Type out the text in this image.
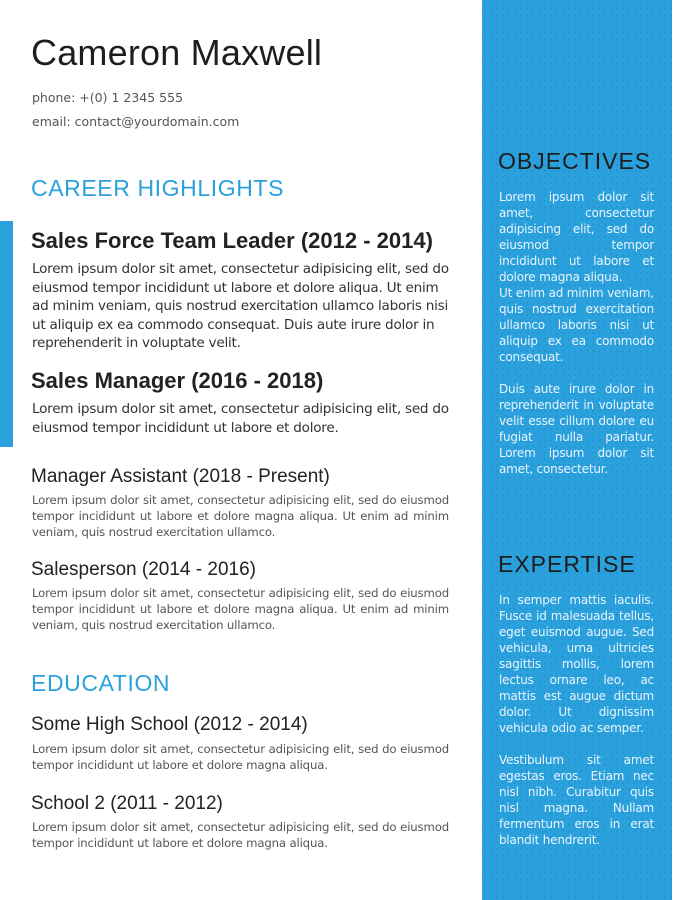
Cameron Maxwell
phone: +(0) 1 2345 555
email: contact@yourdomain.com
CAREER HIGHLIGHTS
Sales Force Team Leader (2012 - 2014)

Lorem ipsum dolor sit amet, consectetur adipisicing elit, sed do eiusmod tempor incididunt ut labore et dolore aliqua. Ut enim ad minim veniam, quis nostrud exercitation ullamco laboris nisi ut aliquip ex ea commodo consequat. Duis aute irure dolor in reprehenderit in voluptate velit.

Sales Manager (2016 - 2018)

Lorem ipsum dolor sit amet, consectetur adipisicing elit, sed do eiusmod tempor incididunt ut labore et dolore.

Manager Assistant (2018 - Present)

Lorem ipsum dolor sit amet, consectetur adipisicing elit, sed do eiusmod tempor incididunt ut labore et dolore magna aliqua. Ut enim ad minim veniam, quis nostrud exercitation ullamco.

Salesperson (2014 - 2016)

Lorem ipsum dolor sit amet, consectetur adipisicing elit, sed do eiusmod tempor incididunt ut labore et dolore magna aliqua. Ut enim ad minim veniam, quis nostrud exercitation ullamco.

EDUCATION
Some High School (2012 - 2014)

Lorem ipsum dolor sit amet, consectetur adipisicing elit, sed do eiusmod tempor incididunt ut labore et dolore magna aliqua.

School 2 (2011 - 2012)

Lorem ipsum dolor sit amet, consectetur adipisicing elit, sed do eiusmod tempor incididunt ut labore et dolore magna aliqua.

OBJECTIVES

Lorem ipsum dolor sit amet, consectetur adipisicing elit, sed do eiusmod tempor incididunt ut labore et dolore magna aliqua.

Ut enim ad minim veniam, quis nostrud exercitation ullamco laboris nisi ut aliquip ex ea commodo consequat.

Duis aute irure dolor in reprehenderit in voluptate velit esse cillum dolore eu fugiat nulla pariatur. Lorem ipsum dolor sit amet, consectetur.

EXPERTISE

In semper mattis iaculis. Fusce id malesuada tellus, eget euismod augue. Sed vehicula, urna ultricies sagittis mollis, lorem lectus ornare leo, ac mattis est augue dictum dolor. Ut dignissim vehicula odio ac semper.

Vestibulum sit amet egestas eros. Etiam nec nisl nibh. Curabitur quis nisl magna. Nullam fermentum eros in erat blandit hendrerit.
